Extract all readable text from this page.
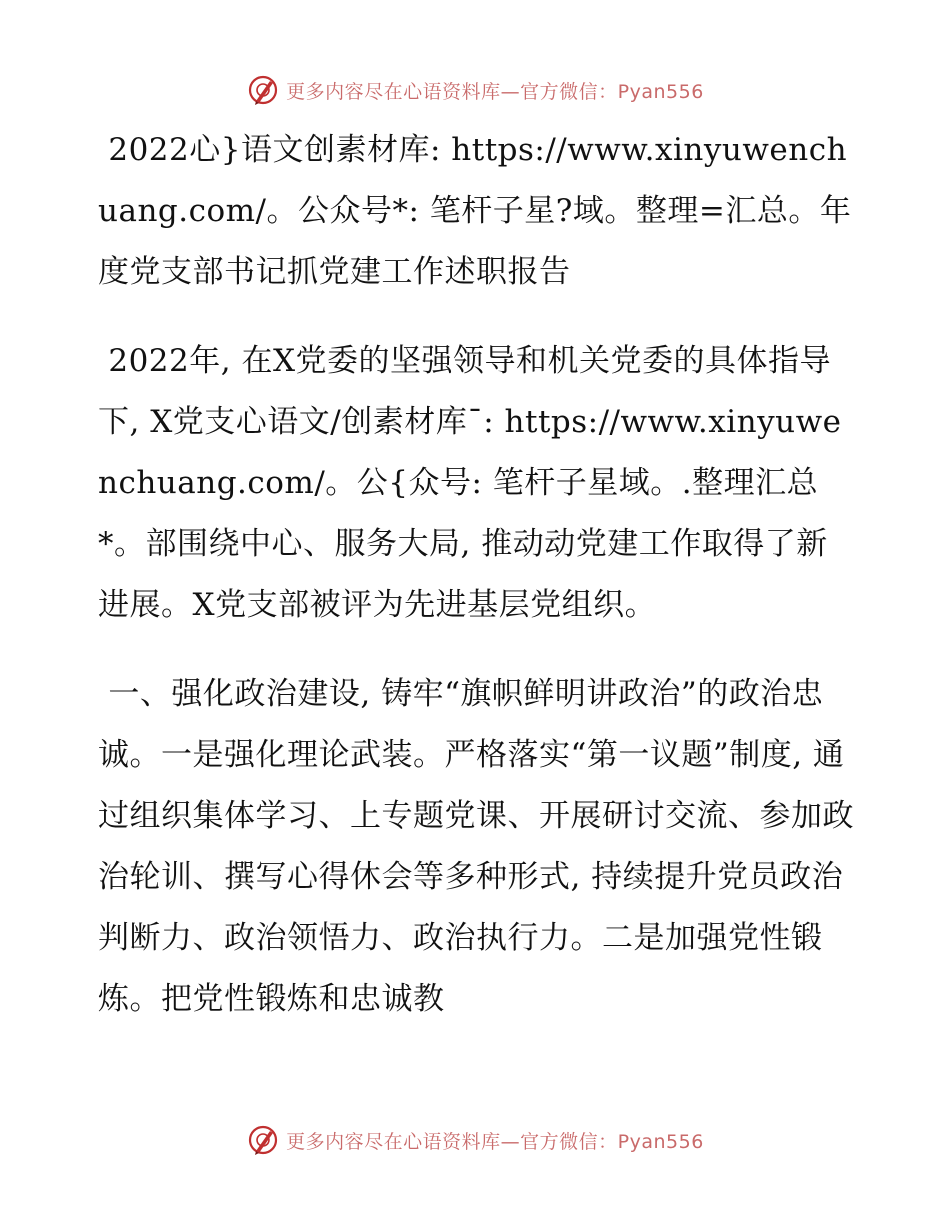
更多内容尽在心语资料库—官方微信：Pyan556

2022心}语文创素材库: https://www.xinyuwenchuang.com/。公众号*: 笔杆子星?域。整理=汇总。年度党支部书记抓党建工作述职报告

2022年, 在X党委的坚强领导和机关党委的具体指导下, X党支心语文/创素材库¯: https://www.xinyuwenchuang.com/。公{众号: 笔杆子星域。.整理汇总*。部围绕中心、服务大局, 推动动党建工作取得了新进展。X党支部被评为先进基层党组织。

一、强化政治建设, 铸牢“旗帜鲜明讲政治”的政治忠诚。一是强化理论武装。严格落实“第一议题”制度, 通过组织集体学习、上专题党课、开展研讨交流、参加政治轮训、撰写心得休会等多种形式, 持续提升党员政治判断力、政治领悟力、政治执行力。二是加强党性锻炼。把党性锻炼和忠诚教

更多内容尽在心语资料库—官方微信：Pyan556
